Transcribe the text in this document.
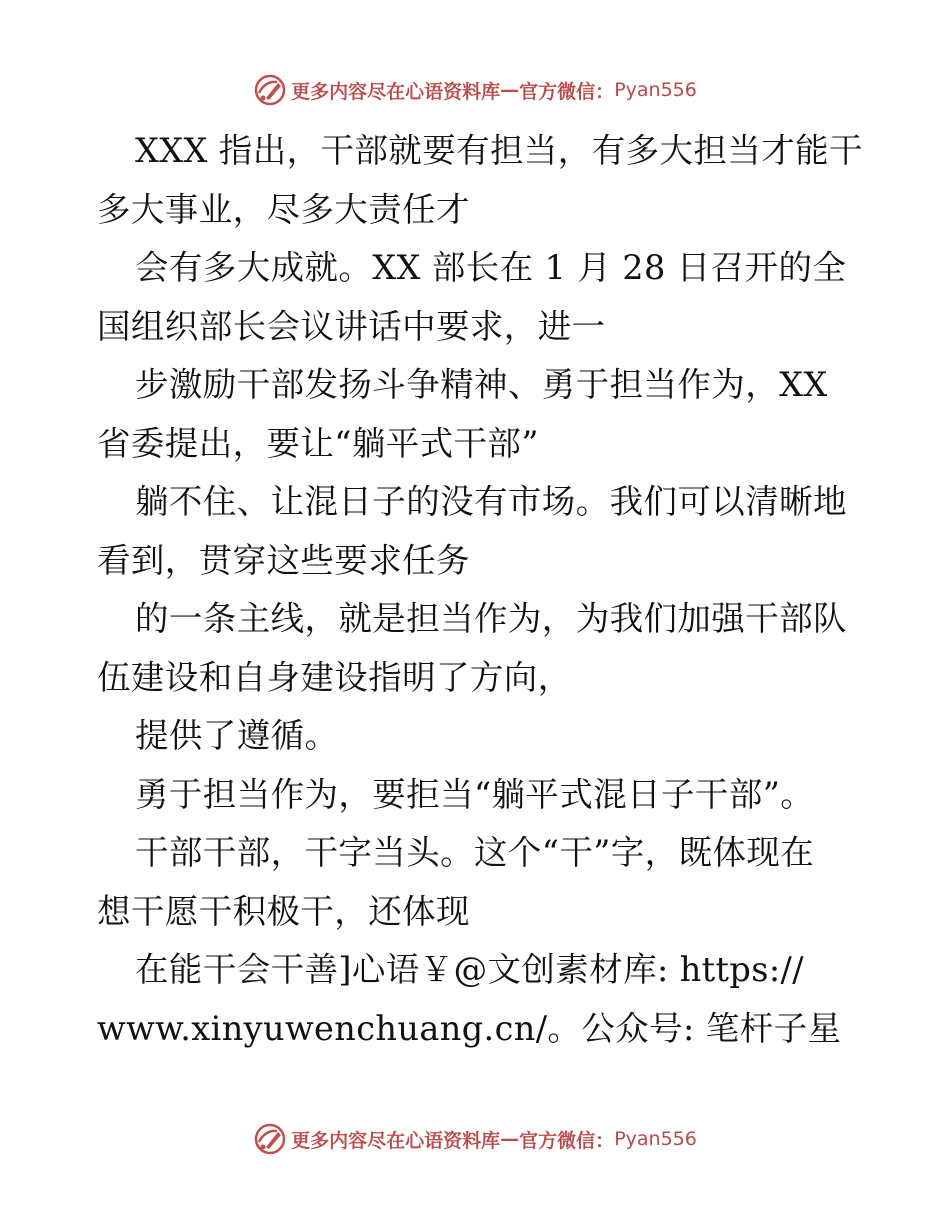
更多内容尽在心语资料库 — 官方微信： Pyan556
XXX 指出，干部就要有担当，有多大担当才能干
多大事业，尽多大责任才
会有多大成就。XX 部长在 1 月 28 日召开的全
国组织部长会议讲话中要求，进一
步激励干部发扬斗争精神、勇于担当作为，XX
省委提出，要让“躺平式干部”
躺不住、让混日子的没有市场。我们可以清晰地
看到，贯穿这些要求任务
的一条主线，就是担当作为，为我们加强干部队
伍建设和自身建设指明了方向，
提供了遵循。
勇于担当作为，要拒当“躺平式混日子干部”。
干部干部，干字当头。这个“干”字，既体现在
想干愿干积极干，还体现
在能干会干善]心语￥@文创素材库: https://
www.xinyuwenchuang.cn/。公众号: 笔杆子星
更多内容尽在心语资料库 — 官方微信： Pyan556
